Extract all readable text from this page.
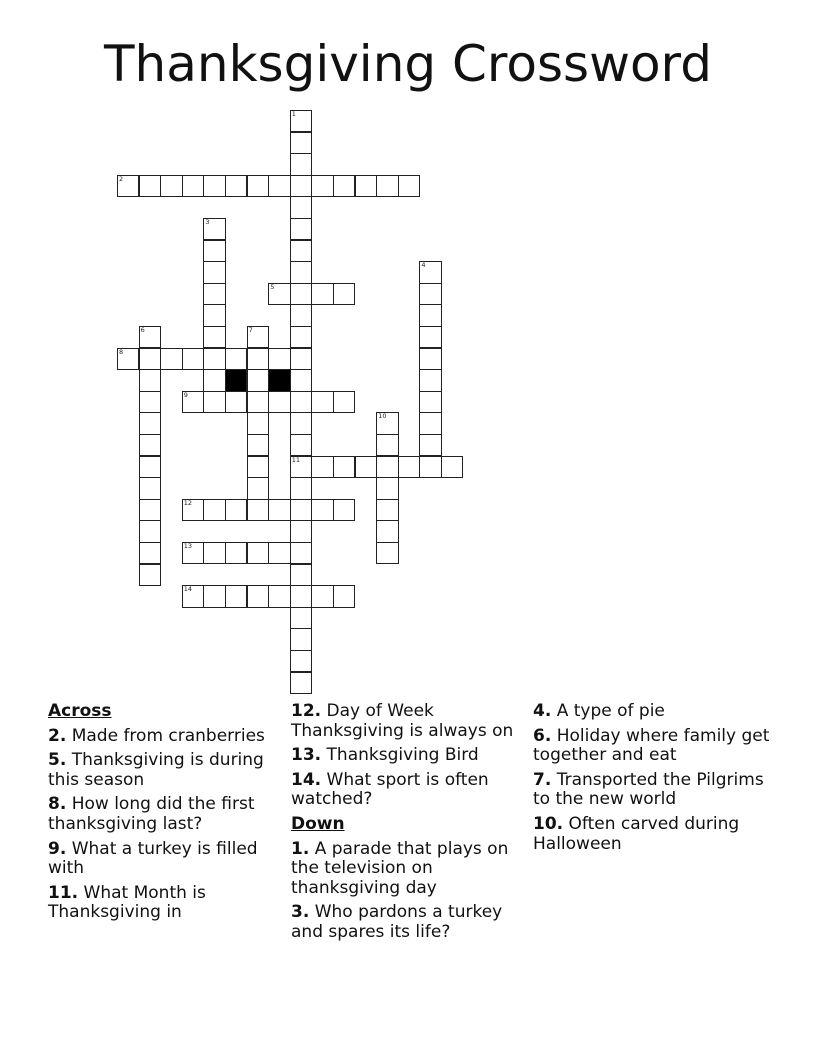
Thanksgiving Crossword
1
11
2
3
4
5
6	7
8
9
10
12
13
14
Across
2. Made from cranberries
5. Thanksgiving is during this season
8. How long did the first thanksgiving last?
9. What a turkey is filled with
11. What Month is Thanksgiving in
12. Day of Week Thanksgiving is always on
13. Thanksgiving Bird
14. What sport is often watched?
Down
1. A parade that plays on the television on thanksgiving day
3. Who pardons a turkey and spares its life?
4. A type of pie
6. Holiday where family get together and eat
7. Transported the Pilgrims to the new world
10. Often carved during Halloween
